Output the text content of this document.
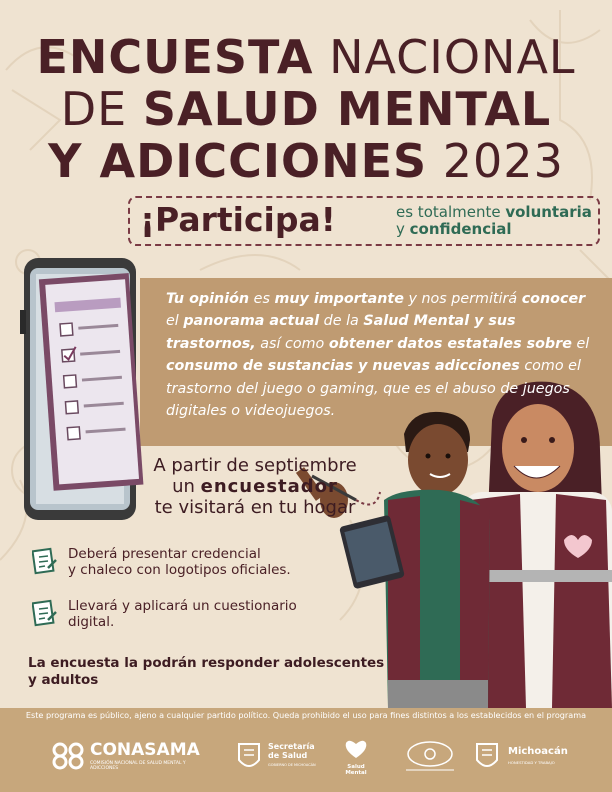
ENCUESTA NACIONAL
DE SALUD MENTAL
Y ADICCIONES 2023
¡Participa!	es totalmente voluntaria
y confidencial
Tu opinión es muy importante y nos permitirá conocer el panorama actual de la Salud Mental y sus trastornos, así como obtener datos estatales sobre el consumo de sustancias y nuevas adicciones como el trastorno del juego o gaming, que es el abuso de juegos digitales o videojuegos.
A partir de septiembre
un encuestador
te visitará en tu hogar
Deberá presentar credencial
y chaleco con logotipos oficiales.
Llevará y aplicará un cuestionario
digital.
La encuesta la podrán responder adolescentes
y adultos
Este programa es público, ajeno a cualquier partido político. Queda prohibido el uso para fines distintos a los establecidos en el programa
CONASAMA
COMISIÓN NACIONAL DE SALUD MENTAL Y ADICCIONES
Secretaría
de Salud
GOBIERNO DE MICHOACÁN	Salud
Mental
Michoacán
HONESTIDAD Y TRABAJO
